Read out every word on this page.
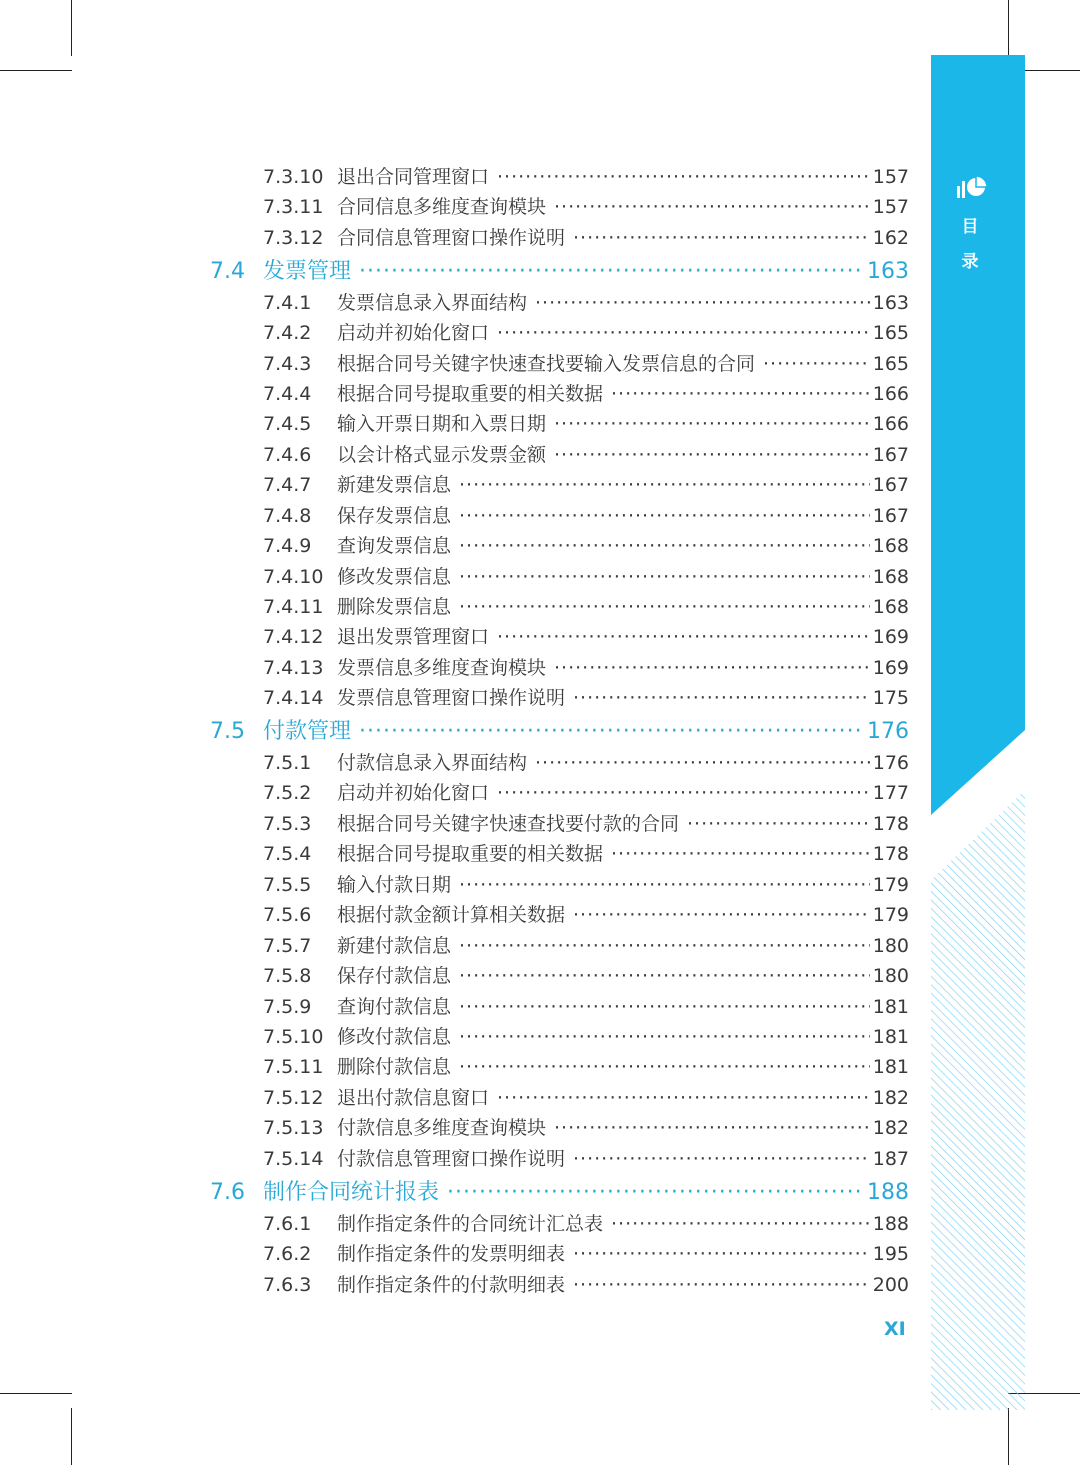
目
录
7.3.10 退出合同管理窗口 ·····	157
7.3.11 合同信息多维度查询模块 ·····	157
7.3.12 合同信息管理窗口操作说明 ·····	162
7.4 发票管理 ·····	163
7.4.1	发票信息录入界面结构 ·····	163
7.4.2	启动并初始化窗口 ·····	165
7.4.3	根据合同号关键字快速查找要输入发票信息的合同 ·····	165
7.4.4	根据合同号提取重要的相关数据 ·····	166
7.4.5	输入开票日期和入票日期 ·····	166
7.4.6	以会计格式显示发票金额 ·····	167
7.4.7	新建发票信息 ·····	167
7.4.8	保存发票信息 ·····	167
7.4.9	查询发票信息 ·····	168
7.4.10 修改发票信息 ·····	168
7.4.11 删除发票信息 ·····	168
7.4.12 退出发票管理窗口 ·····	169
7.4.13 发票信息多维度查询模块 ·····	169
7.4.14 发票信息管理窗口操作说明 ·····	175
7.5 付款管理 ·····	176
7.5.1	付款信息录入界面结构 ·····	176
7.5.2	启动并初始化窗口 ·····	177
7.5.3	根据合同号关键字快速查找要付款的合同 ·····	178
7.5.4	根据合同号提取重要的相关数据 ·····	178
7.5.5	输入付款日期 ·····	179
7.5.6	根据付款金额计算相关数据 ·····	179
7.5.7	新建付款信息 ·····	180
7.5.8	保存付款信息 ·····	180
7.5.9	查询付款信息 ·····	181
7.5.10 修改付款信息 ·····	181
7.5.11 删除付款信息 ·····	181
7.5.12 退出付款信息窗口 ·····	182
7.5.13 付款信息多维度查询模块 ·····	182
7.5.14 付款信息管理窗口操作说明 ·····	187
7.6 制作合同统计报表 ·····	188
7.6.1	制作指定条件的合同统计汇总表 ·····	188
7.6.2	制作指定条件的发票明细表 ·····	195
7.6.3	制作指定条件的付款明细表 ·····	200
XI
